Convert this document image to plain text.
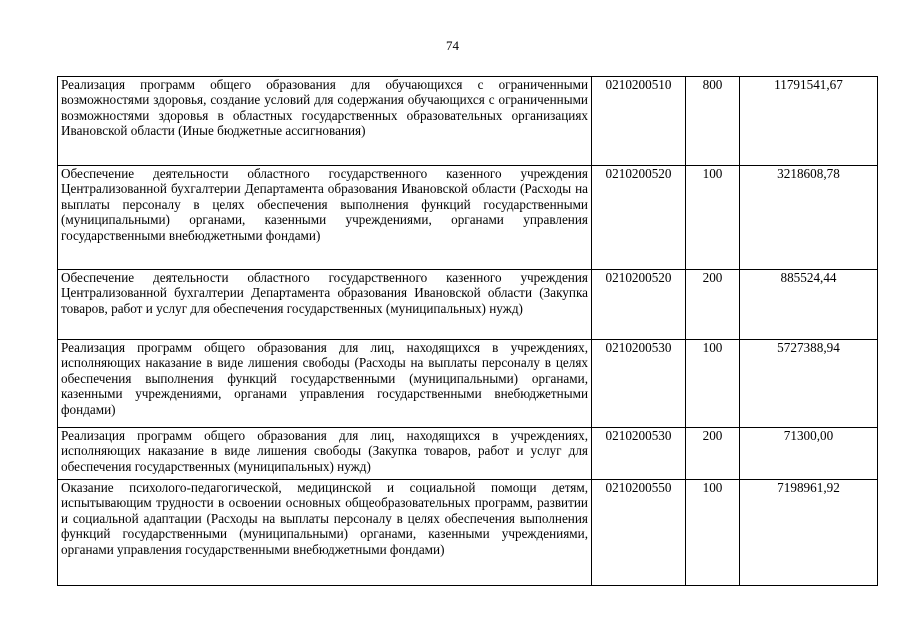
74
Реализация программ общего образования для обучающихся с ограниченными возможностями здоровья, создание условий для содержания обучающихся с ограниченными возможностями здоровья в областных государственных образовательных организациях Ивановской области (Иные бюджетные ассигнования)	0210200510	800	11791541,67
Обеспечение деятельности областного государственного казенного учреждения Централизованной бухгалтерии Департамента образования Ивановской области (Расходы на выплаты персоналу в целях обеспечения выполнения функций государственными (муниципальными) органами, казенными учреждениями, органами управления государственными внебюджетными фондами)	0210200520	100	3218608,78
Обеспечение деятельности областного государственного казенного учреждения Централизованной бухгалтерии Департамента образования Ивановской области (Закупка товаров, работ и услуг для обеспечения государственных (муниципальных) нужд)	0210200520	200	885524,44
Реализация программ общего образования для лиц, находящихся в учреждениях, исполняющих наказание в виде лишения свободы (Расходы на выплаты персоналу в целях обеспечения выполнения функций государственными (муниципальными) органами, казенными учреждениями, органами управления государственными внебюджетными фондами)	0210200530	100	5727388,94
Реализация программ общего образования для лиц, находящихся в учреждениях, исполняющих наказание в виде лишения свободы (Закупка товаров, работ и услуг для обеспечения государственных (муниципальных) нужд)	0210200530	200	71300,00
Оказание психолого-педагогической, медицинской и социальной помощи детям, испытывающим трудности в освоении основных общеобразовательных программ, развитии и социальной адаптации (Расходы на выплаты персоналу в целях обеспечения выполнения функций государственными (муниципальными) органами, казенными учреждениями, органами управления государственными внебюджетными фондами)	0210200550	100	7198961,92
